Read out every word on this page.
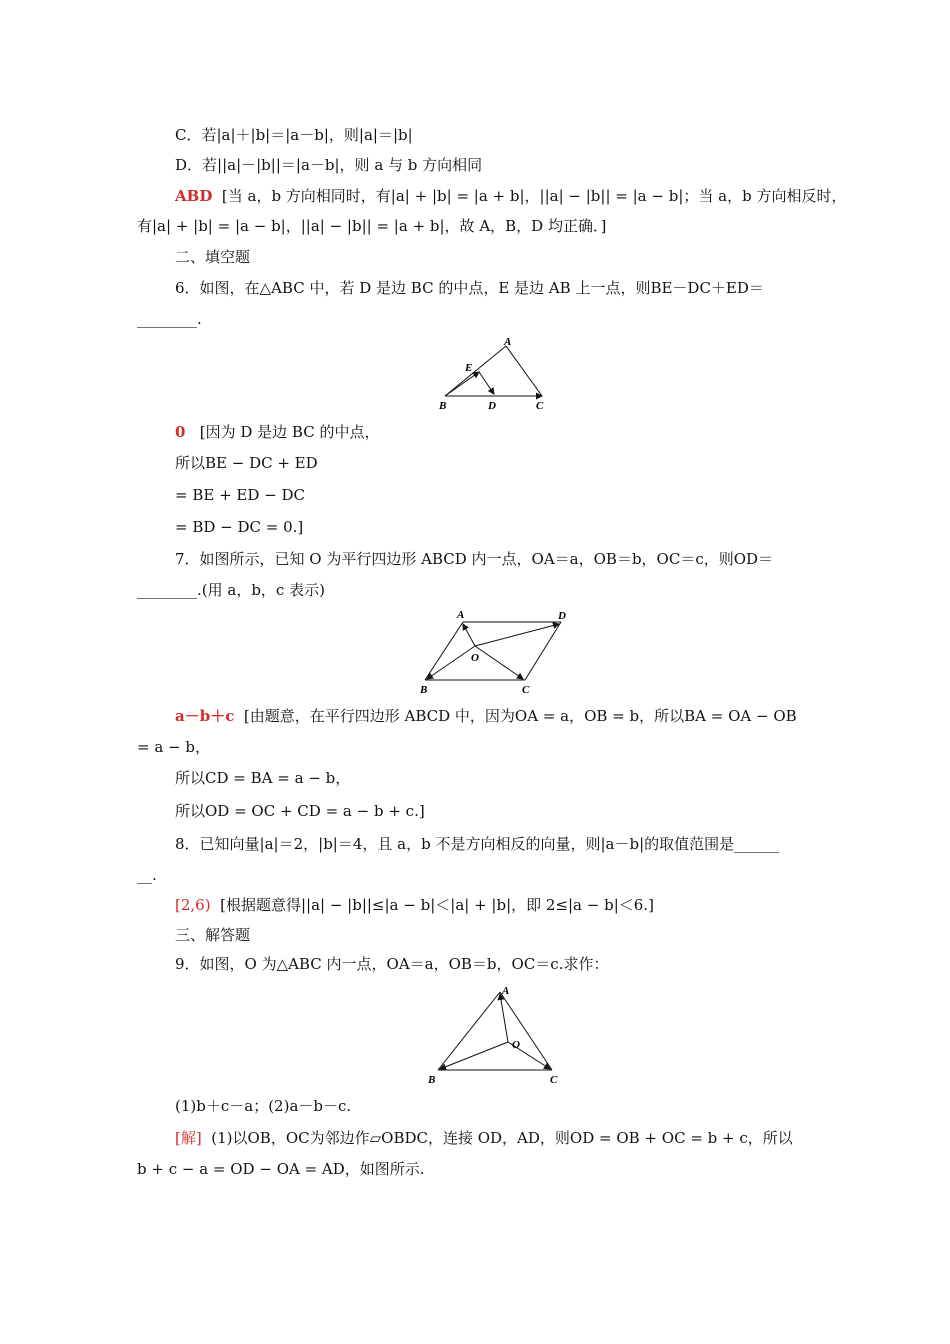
C．若|a|＋|b|＝|a－b|，则|a|＝|b|
D．若||a|－|b||＝|a－b|，则 a 与 b 方向相同
ABD [当 a，b 方向相同时，有|a| + |b| = |a + b|，||a| − |b|| = |a − b|；当 a，b 方向相反时，
有|a| + |b| = |a − b|，||a| − |b|| = |a + b|，故 A，B，D 均正确．]
二、填空题
6．如图，在△ABC 中，若 D 是边 BC 的中点，E 是边 AB 上一点，则BE－DC＋ED＝
________.
A
E
B	D	C
0 [因为 D 是边 BC 的中点，
所以BE − DC + ED
= BE + ED − DC
= BD − DC = 0.]
7．如图所示，已知 O 为平行四边形 ABCD 内一点，OA＝a，OB＝b，OC＝c，则OD＝
________.(用 a，b，c 表示)
A	D
O
B	C
a－b＋c [由题意，在平行四边形 ABCD 中，因为OA = a，OB = b，所以BA = OA − OB
= a − b，
所以CD = BA = a − b，
所以OD = OC + CD = a − b + c.]
8．已知向量|a|＝2，|b|＝4，且 a，b 不是方向相反的向量，则|a－b|的取值范围是______
__.
[2,6) [根据题意得||a| − |b||≤|a − b|＜|a| + |b|，即 2≤|a − b|＜6.]
三、解答题
9．如图，O 为△ABC 内一点，OA＝a，OB＝b，OC＝c.求作：
A
O
B	C
(1)b＋c－a；(2)a－b－c.
[解] (1)以OB，OC为邻边作▱OBDC，连接 OD，AD，则OD = OB + OC = b + c，所以
b + c − a = OD − OA = AD，如图所示.
